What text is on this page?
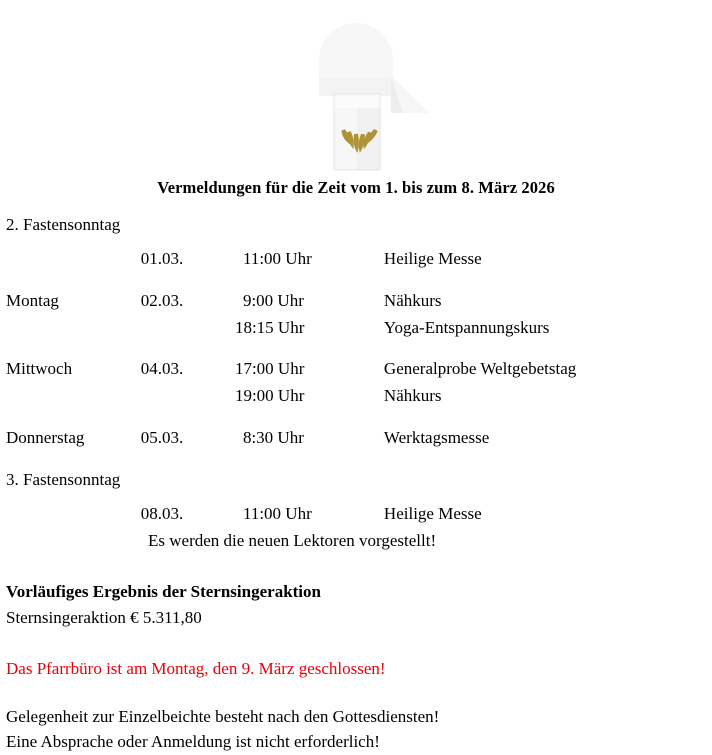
Vermeldungen für die Zeit vom 1. bis zum 8. März 2026
2. Fastensonntag			

	01.03.	11:00 Uhr	Heilige Messe

Montag	02.03.	9:00 Uhr	Nähkurs
		18:15 Uhr	Yoga-Entspannungskurs

Mittwoch	04.03.	17:00 Uhr	Generalprobe Weltgebetstag
		19:00 Uhr	Nähkurs

Donnerstag	05.03.	8:30 Uhr	Werktagsmesse

3. Fastensonntag			

	08.03.	11:00 Uhr	Heilige Messe
Es werden die neuen Lektoren vorgestellt!
Vorläufiges Ergebnis der Sternsingeraktion
Sternsingeraktion € 5.311,80
Das Pfarrbüro ist am Montag, den 9. März geschlossen!
Gelegenheit zur Einzelbeichte besteht nach den Gottesdiensten!
Eine Absprache oder Anmeldung ist nicht erforderlich!
